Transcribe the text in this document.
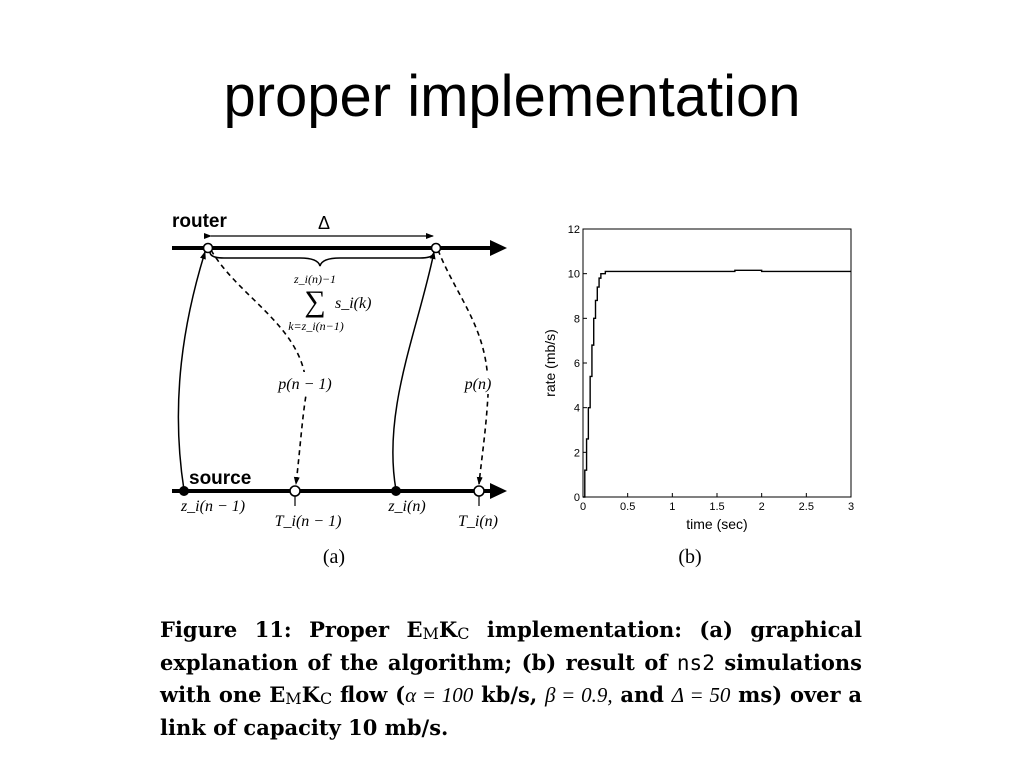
proper implementation
router
source
Δ
z_i(n)−1
∑
k=z_i(n−1)
s_i(k)
p(n − 1)	p(n)
z_i(n − 1)
T_i(n − 1)
z_i(n)
T_i(n)
(a)
0	0.5	1	1.5	2	2.5	3
0
2
4
6
8
10
12
time (sec)
rate (mb/s)
(b)
Figure 11: Proper EMKC implementation: (a) graphical explanation of the algorithm; (b) result of ns2 simulations with one EMKC flow (α = 100 kb/s, β = 0.9, and Δ = 50 ms) over a link of capacity 10 mb/s.
